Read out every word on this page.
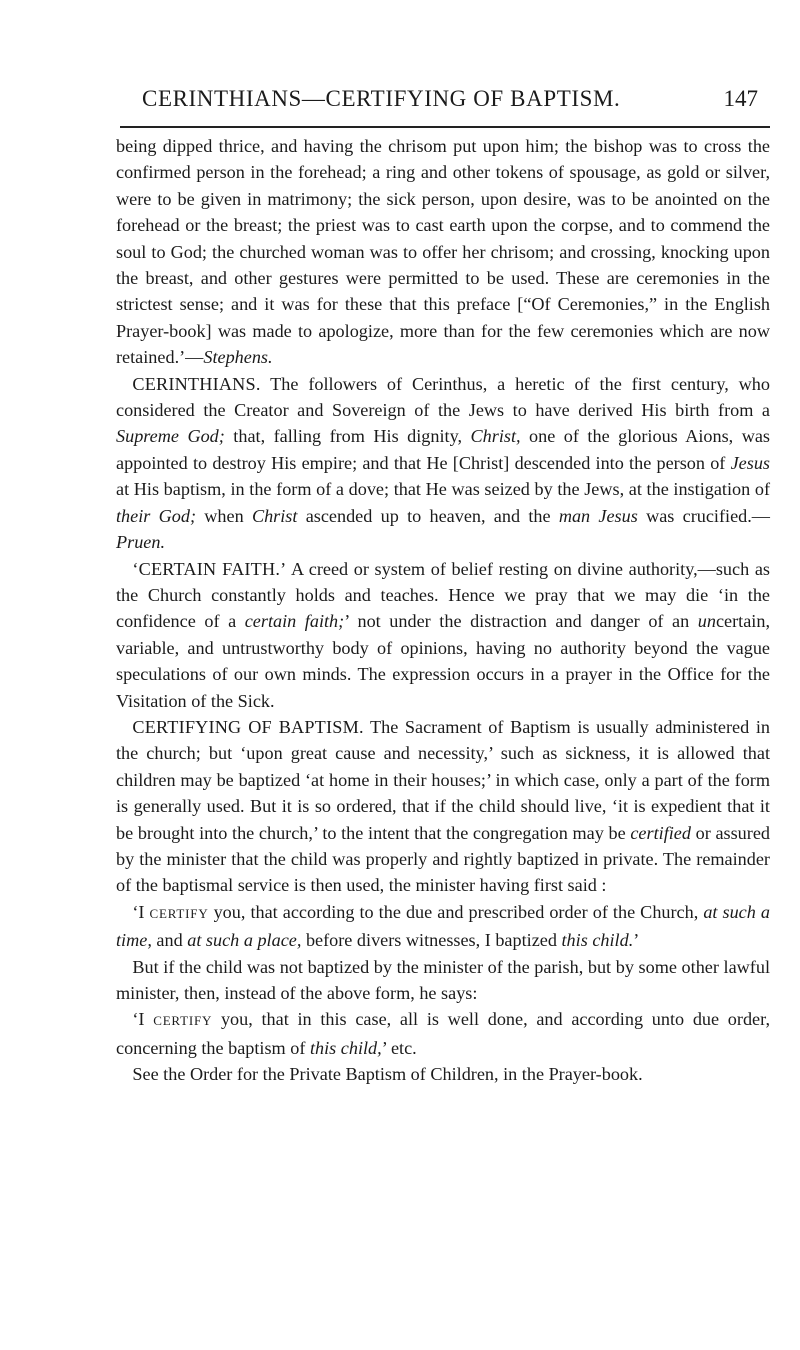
CERINTHIANS—CERTIFYING OF BAPTISM.	147

being dipped thrice, and having the chrisom put upon him; the bishop was to cross the confirmed person in the forehead; a ring and other tokens of spousage, as gold or silver, were to be given in matrimony; the sick person, upon desire, was to be anointed on the forehead or the breast; the priest was to cast earth upon the corpse, and to commend the soul to God; the churched woman was to offer her chrisom; and crossing, knocking upon the breast, and other gestures were permitted to be used. These are ceremonies in the strictest sense; and it was for these that this preface [“Of Ceremonies,” in the English Prayer-book] was made to apologize, more than for the few ceremonies which are now retained.’—Stephens.

CERINTHIANS. The followers of Cerinthus, a heretic of the first century, who considered the Creator and Sovereign of the Jews to have derived His birth from a Supreme God; that, falling from His dignity, Christ, one of the glorious Aions, was appointed to destroy His empire; and that He [Christ] descended into the person of Jesus at His baptism, in the form of a dove; that He was seized by the Jews, at the instigation of their God; when Christ ascended up to heaven, and the man Jesus was crucified.—Pruen.

‘CERTAIN FAITH.’ A creed or system of belief resting on divine authority,—such as the Church constantly holds and teaches. Hence we pray that we may die ‘in the confidence of a certain faith;’ not under the distraction and danger of an uncertain, variable, and untrustworthy body of opinions, having no authority beyond the vague speculations of our own minds. The expression occurs in a prayer in the Office for the Visitation of the Sick.

CERTIFYING OF BAPTISM. The Sacrament of Baptism is usually administered in the church; but ‘upon great cause and necessity,’ such as sickness, it is allowed that children may be baptized ‘at home in their houses;’ in which case, only a part of the form is generally used. But it is so ordered, that if the child should live, ‘it is expedient that it be brought into the church,’ to the intent that the congregation may be certified or assured by the minister that the child was properly and rightly baptized in private. The remainder of the baptismal service is then used, the minister having first said :

‘I CERTIFY you, that according to the due and prescribed order of the Church, at such a time, and at such a place, before divers witnesses, I baptized this child.’

But if the child was not baptized by the minister of the parish, but by some other lawful minister, then, instead of the above form, he says:

‘I CERTIFY you, that in this case, all is well done, and according unto due order, concerning the baptism of this child,’ etc.

See the Order for the Private Baptism of Children, in the Prayer-book.
